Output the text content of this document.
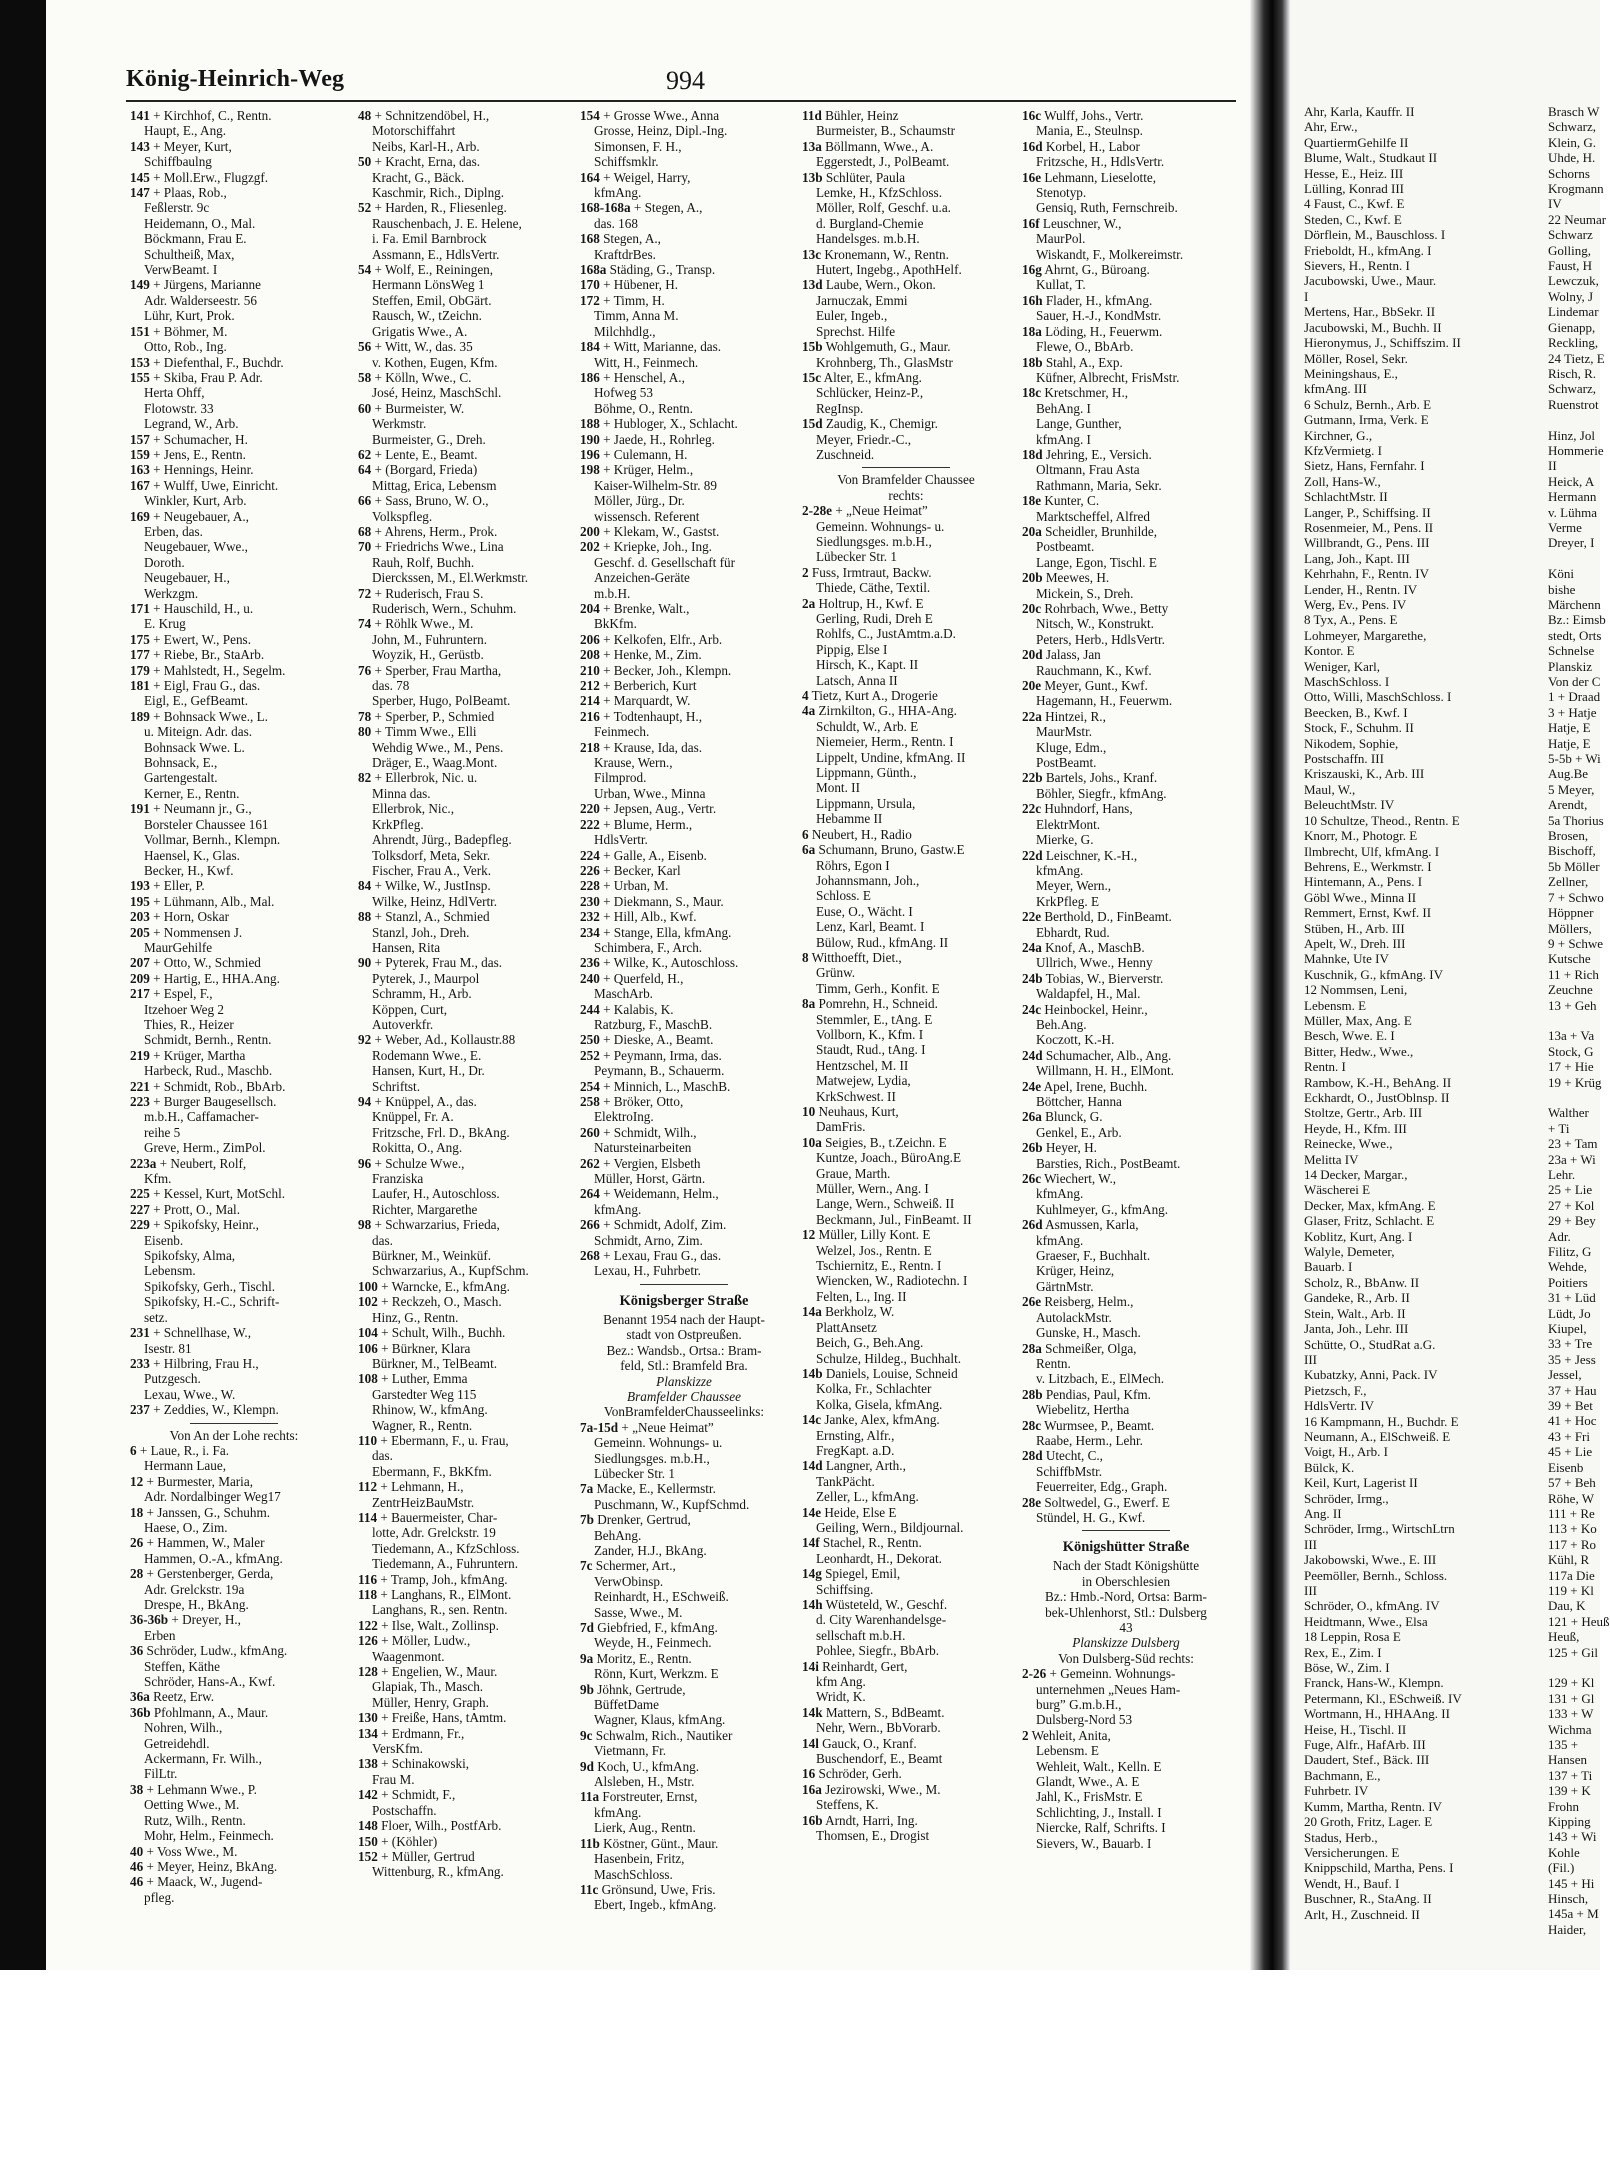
Ahr, Karla, Kauffr. II
Ahr, Erw.,
QuartiermGehilfe II
Blume, Walt., Studkaut II
Hesse, E., Heiz. III
Lülling, Konrad III
4 Faust, C., Kwf. E
Steden, C., Kwf. E
Dörflein, M., Bauschloss. I
Frieboldt, H., kfmAng. I
Sievers, H., Rentn. I
Jacubowski, Uwe., Maur.
I
Mertens, Har., BbSekr. II
Jacubowski, M., Buchh. II
Hieronymus, J., Schiffszim. II
Möller, Rosel, Sekr.
Meiningshaus, E.,
kfmAng. III
6 Schulz, Bernh., Arb. E
Gutmann, Irma, Verk. E
Kirchner, G.,
KfzVermietg. I
Sietz, Hans, Fernfahr. I
Zoll, Hans-W.,
SchlachtMstr. II
Langer, P., Schiffsing. II
Rosenmeier, M., Pens. II
Willbrandt, G., Pens. III
Lang, Joh., Kapt. III
Kehrhahn, F., Rentn. IV
Lender, H., Rentn. IV
Werg, Ev., Pens. IV
8 Tyx, A., Pens. E
Lohmeyer, Margarethe,
Kontor. E
Weniger, Karl,
MaschSchloss. I
Otto, Willi, MaschSchloss. I
Beecken, B., Kwf. I
Stock, F., Schuhm. II
Nikodem, Sophie,
Postschaffn. III
Kriszauski, K., Arb. III
Maul, W.,
BeleuchtMstr. IV
10 Schultze, Theod., Rentn. E
Knorr, M., Photogr. E
Ilmbrecht, Ulf, kfmAng. I
Behrens, E., Werkmstr. I
Hintemann, A., Pens. I
Göbl Wwe., Minna II
Remmert, Ernst, Kwf. II
Stüben, H., Arb. III
Apelt, W., Dreh. III
Mahnke, Ute IV
Kuschnik, G., kfmAng. IV
12 Nommsen, Leni,
Lebensm. E
Müller, Max, Ang. E
Besch, Wwe. E. I
Bitter, Hedw., Wwe.,
Rentn. I
Rambow, K.-H., BehAng. II
Eckhardt, O., JustOblnsp. II
Stoltze, Gertr., Arb. III
Heyde, H., Kfm. III
Reinecke, Wwe.,
Melitta IV
14 Decker, Margar.,
Wäscherei E
Decker, Max, kfmAng. E
Glaser, Fritz, Schlacht. E
Koblitz, Kurt, Ang. I
Walyle, Demeter,
Bauarb. I
Scholz, R., BbAnw. II
Gandeke, R., Arb. II
Stein, Walt., Arb. II
Janta, Joh., Lehr. III
Schütte, O., StudRat a.G.
III
Kubatzky, Anni, Pack. IV
Pietzsch, F.,
HdlsVertr. IV
16 Kampmann, H., Buchdr. E
Neumann, A., ElSchweiß. E
Voigt, H., Arb. I
Bülck, K.
Keil, Kurt, Lagerist II
Schröder, Irmg.,
Ang. II
Schröder, Irmg., WirtschLtrn
III
Jakobowski, Wwe., E. III
Peemöller, Bernh., Schloss.
III
Schröder, O., kfmAng. IV
Heidtmann, Wwe., Elsa
18 Leppin, Rosa E
Rex, E., Zim. I
Böse, W., Zim. I
Franck, Hans-W., Klempn.
Petermann, Kl., ESchweiß. IV
Wortmann, H., HHAAng. II
Heise, H., Tischl. II
Fuge, Alfr., HafArb. III
Daudert, Stef., Bäck. III
Bachmann, E.,
Fuhrbetr. IV
Kumm, Martha, Rentn. IV
20 Groth, Fritz, Lager. E
Stadus, Herb.,
Versicherungen. E
Knippschild, Martha, Pens. I
Wendt, H., Bauf. I
Buschner, R., StaAng. II
Arlt, H., Zuschneid. II
Brasch W
Schwarz,
Klein, G.
Uhde, H.
Schorns
Krogmann
IV
22 Neumar
Schwarz
Golling,
Faust, H
Lewczuk,
Wolny, J
Lindemar
Gienapp,
Reckling,
24 Tietz, E
Risch, R.
Schwarz,
Ruenstrot
Hinz, Jol
Hommerie
II
Heick, A
Hermann
v. Lühma
Verme
Dreyer, I
Köni
bishe
Märchenn
Bz.: Eimsb
stedt, Orts
Schnelse
Planskiz
Von der C
1 + Draad
3 + Hatje
Hatje, E
Hatje, E
5-5b + Wi
Aug.Be
5 Meyer,
Arendt,
5a Thorius
Brosen,
Bischoff,
5b Möller
Zellner,
7 + Schwo
Höppner
Möllers,
9 + Schwe
Kutsche
11 + Rich
Zeuchne
13 + Geh
13a + Va
Stock, G
17 + Hie
19 + Krüg
Walther
+ Ti
23 + Tam
23a + Wi
Lehr.
25 + Lie
27 + Kol
29 + Bey
Adr.
Filitz, G
Wehde,
Poitiers
31 + Lüd
Lüdt, Jo
Kiupel,
33 + Tre
35 + Jess
Jessel,
37 + Hau
39 + Bet
41 + Hoc
43 + Fri
45 + Lie
Eisenb
57 + Beh
Röhe, W
111 + Re
113 + Ko
117 + Ro
Kühl, R
117a Die
119 + Kl
Dau, K
121 + Heuß
Heuß,
125 + Gil
129 + Kl
131 + Gl
133 + W
Wichma
135 +
Hansen
137 + Ti
139 + K
Frohn
Kipping
143 + Wi
Kohle
(Fil.)
145 + Hi
Hinsch,
145a + M
Haider,
König-Heinrich-Weg	994
141 + Kirchhof, C., Rentn.
Haupt, E., Ang.
143 + Meyer, Kurt,
Schiffbaulng
145 + Moll.Erw., Flugzgf.
147 + Plaas, Rob.,
Feßlerstr. 9c
Heidemann, O., Mal.
Böckmann, Frau E.
Schultheiß, Max,
VerwBeamt. I
149 + Jürgens, Marianne
Adr. Walderseestr. 56
Lühr, Kurt, Prok.
151 + Böhmer, M.
Otto, Rob., Ing.
153 + Diefenthal, F., Buchdr.
155 + Skiba, Frau P. Adr.
Herta Ohff,
Flotowstr. 33
Legrand, W., Arb.
157 + Schumacher, H.
159 + Jens, E., Rentn.
163 + Hennings, Heinr.
167 + Wulff, Uwe, Einricht.
Winkler, Kurt, Arb.
169 + Neugebauer, A.,
Erben, das.
Neugebauer, Wwe.,
Doroth.
Neugebauer, H.,
Werkzgm.
171 + Hauschild, H., u.
E. Krug
175 + Ewert, W., Pens.
177 + Riebe, Br., StaArb.
179 + Mahlstedt, H., Segelm.
181 + Eigl, Frau G., das.
Eigl, E., GefBeamt.
189 + Bohnsack Wwe., L.
u. Miteign. Adr. das.
Bohnsack Wwe. L.
Bohnsack, E.,
Gartengestalt.
Kerner, E., Rentn.
191 + Neumann jr., G.,
Borsteler Chaussee 161
Vollmar, Bernh., Klempn.
Haensel, K., Glas.
Becker, H., Kwf.
193 + Eller, P.
195 + Lühmann, Alb., Mal.
203 + Horn, Oskar
205 + Nommensen J.
MaurGehilfe
207 + Otto, W., Schmied
209 + Hartig, E., HHA.Ang.
217 + Espel, F.,
Itzehoer Weg 2
Thies, R., Heizer
Schmidt, Bernh., Rentn.
219 + Krüger, Martha
Harbeck, Rud., Maschb.
221 + Schmidt, Rob., BbArb.
223 + Burger Baugesellsch.
m.b.H., Caffamacher-
reihe 5
Greve, Herm., ZimPol.
223a + Neubert, Rolf,
Kfm.
225 + Kessel, Kurt, MotSchl.
227 + Prott, O., Mal.
229 + Spikofsky, Heinr.,
Eisenb.
Spikofsky, Alma,
Lebensm.
Spikofsky, Gerh., Tischl.
Spikofsky, H.-C., Schrift-
setz.
231 + Schnellhase, W.,
Isestr. 81
233 + Hilbring, Frau H.,
Putzgesch.
Lexau, Wwe., W.
237 + Zeddies, W., Klempn.
Von An der Lohe rechts:
6 + Laue, R., i. Fa.
Hermann Laue,
12 + Burmester, Maria,
Adr. Nordalbinger Weg17
18 + Janssen, G., Schuhm.
Haese, O., Zim.
26 + Hammen, W., Maler
Hammen, O.-A., kfmAng.
28 + Gerstenberger, Gerda,
Adr. Grelckstr. 19a
Drespe, H., BkAng.
36-36b + Dreyer, H.,
Erben
36 Schröder, Ludw., kfmAng.
Steffen, Käthe
Schröder, Hans-A., Kwf.
36a Reetz, Erw.
36b Pfohlmann, A., Maur.
Nohren, Wilh.,
Getreidehdl.
Ackermann, Fr. Wilh.,
FilLtr.
38 + Lehmann Wwe., P.
Oetting Wwe., M.
Rutz, Wilh., Rentn.
Mohr, Helm., Feinmech.
40 + Voss Wwe., M.
46 + Meyer, Heinz, BkAng.
46 + Maack, W., Jugend-
pfleg.
48 + Schnitzendöbel, H.,
Motorschiffahrt
Neibs, Karl-H., Arb.
50 + Kracht, Erna, das.
Kracht, G., Bäck.
Kaschmir, Rich., Diplng.
52 + Harden, R., Fliesenleg.
Rauschenbach, J. E. Helene,
i. Fa. Emil Barnbrock
Assmann, E., HdlsVertr.
54 + Wolf, E., Reiningen,
Hermann LönsWeg 1
Steffen, Emil, ObGärt.
Rausch, W., tZeichn.
Grigatis Wwe., A.
56 + Witt, W., das. 35
v. Kothen, Eugen, Kfm.
58 + Kölln, Wwe., C.
José, Heinz, MaschSchl.
60 + Burmeister, W.
Werkmstr.
Burmeister, G., Dreh.
62 + Lente, E., Beamt.
64 + (Borgard, Frieda)
Mittag, Erica, Lebensm
66 + Sass, Bruno, W. O.,
Volkspfleg.
68 + Ahrens, Herm., Prok.
70 + Friedrichs Wwe., Lina
Rauh, Rolf, Buchh.
Dierckssen, M., El.Werkmstr.
72 + Ruderisch, Frau S.
Ruderisch, Wern., Schuhm.
74 + Röhlk Wwe., M.
John, M., Fuhruntern.
Woyzik, H., Gerüstb.
76 + Sperber, Frau Martha,
das. 78
Sperber, Hugo, PolBeamt.
78 + Sperber, P., Schmied
80 + Timm Wwe., Elli
Wehdig Wwe., M., Pens.
Dräger, E., Waag.Mont.
82 + Ellerbrok, Nic. u.
Minna das.
Ellerbrok, Nic.,
KrkPfleg.
Ahrendt, Jürg., Badepfleg.
Tolksdorf, Meta, Sekr.
Fischer, Frau A., Verk.
84 + Wilke, W., JustInsp.
Wilke, Heinz, HdlVertr.
88 + Stanzl, A., Schmied
Stanzl, Joh., Dreh.
Hansen, Rita
90 + Pyterek, Frau M., das.
Pyterek, J., Maurpol
Schramm, H., Arb.
Köppen, Curt,
Autoverkfr.
92 + Weber, Ad., Kollaustr.88
Rodemann Wwe., E.
Hansen, Kurt, H., Dr.
Schriftst.
94 + Knüppel, A., das.
Knüppel, Fr. A.
Fritzsche, Frl. D., BkAng.
Rokitta, O., Ang.
96 + Schulze Wwe.,
Franziska
Laufer, H., Autoschloss.
Richter, Margarethe
98 + Schwarzarius, Frieda,
das.
Bürkner, M., Weinküf.
Schwarzarius, A., KupfSchm.
100 + Warncke, E., kfmAng.
102 + Reckzeh, O., Masch.
Hinz, G., Rentn.
104 + Schult, Wilh., Buchh.
106 + Bürkner, Klara
Bürkner, M., TelBeamt.
108 + Luther, Emma
Garstedter Weg 115
Rhinow, W., kfmAng.
Wagner, R., Rentn.
110 + Ebermann, F., u. Frau,
das.
Ebermann, F., BkKfm.
112 + Lehmann, H.,
ZentrHeizBauMstr.
114 + Bauermeister, Char-
lotte, Adr. Grelckstr. 19
Tiedemann, A., KfzSchloss.
Tiedemann, A., Fuhruntern.
116 + Tramp, Joh., kfmAng.
118 + Langhans, R., ElMont.
Langhans, R., sen. Rentn.
122 + Ilse, Walt., Zollinsp.
126 + Möller, Ludw.,
Waagenmont.
128 + Engelien, W., Maur.
Glapiak, Th., Masch.
Müller, Henry, Graph.
130 + Freiße, Hans, tAmtm.
134 + Erdmann, Fr.,
VersKfm.
138 + Schinakowski,
Frau M.
142 + Schmidt, F.,
Postschaffn.
148 Floer, Wilh., PostfArb.
150 + (Köhler)
152 + Müller, Gertrud
Wittenburg, R., kfmAng.
154 + Grosse Wwe., Anna
Grosse, Heinz, Dipl.-Ing.
Simonsen, F. H.,
Schiffsmklr.
164 + Weigel, Harry,
kfmAng.
168-168a + Stegen, A.,
das. 168
168 Stegen, A.,
KraftdrBes.
168a Städing, G., Transp.
170 + Hübener, H.
172 + Timm, H.
Timm, Anna M.
Milchhdlg.,
184 + Witt, Marianne, das.
Witt, H., Feinmech.
186 + Henschel, A.,
Hofweg 53
Böhme, O., Rentn.
188 + Hubloger, X., Schlacht.
190 + Jaede, H., Rohrleg.
196 + Culemann, H.
198 + Krüger, Helm.,
Kaiser-Wilhelm-Str. 89
Möller, Jürg., Dr.
wissensch. Referent
200 + Klekam, W., Gastst.
202 + Kriepke, Joh., Ing.
Geschf. d. Gesellschaft für
Anzeichen-Geräte
m.b.H.
204 + Brenke, Walt.,
BkKfm.
206 + Kelkofen, Elfr., Arb.
208 + Henke, M., Zim.
210 + Becker, Joh., Klempn.
212 + Berberich, Kurt
214 + Marquardt, W.
216 + Todtenhaupt, H.,
Feinmech.
218 + Krause, Ida, das.
Krause, Wern.,
Filmprod.
Urban, Wwe., Minna
220 + Jepsen, Aug., Vertr.
222 + Blume, Herm.,
HdlsVertr.
224 + Galle, A., Eisenb.
226 + Becker, Karl
228 + Urban, M.
230 + Diekmann, S., Maur.
232 + Hill, Alb., Kwf.
234 + Stange, Ella, kfmAng.
Schimbera, F., Arch.
236 + Wilke, K., Autoschloss.
240 + Querfeld, H.,
MaschArb.
244 + Kalabis, K.
Ratzburg, F., MaschB.
250 + Dieske, A., Beamt.
252 + Peymann, Irma, das.
Peymann, B., Schauerm.
254 + Minnich, L., MaschB.
258 + Bröker, Otto,
ElektroIng.
260 + Schmidt, Wilh.,
Natursteinarbeiten
262 + Vergien, Elsbeth
Müller, Horst, Gärtn.
264 + Weidemann, Helm.,
kfmAng.
266 + Schmidt, Adolf, Zim.
Schmidt, Arno, Zim.
268 + Lexau, Frau G., das.
Lexau, H., Fuhrbetr.
Königsberger Straße
Benannt 1954 nach der Haupt-
stadt von Ostpreußen.
Bez.: Wandsb., Ortsa.: Bram-
feld, Stl.: Bramfeld Bra.
Planskizze
Bramfelder Chaussee
VonBramfelderChausseelinks:
7a-15d + „Neue Heimat”
Gemeinn. Wohnungs- u.
Siedlungsges. m.b.H.,
Lübecker Str. 1
7a Macke, E., Kellermstr.
Puschmann, W., KupfSchmd.
7b Drenker, Gertrud,
BehAng.
Zander, H.J., BkAng.
7c Schermer, Art.,
VerwObinsp.
Reinhardt, H., ESchweiß.
Sasse, Wwe., M.
7d Giebfried, F., kfmAng.
Weyde, H., Feinmech.
9a Moritz, E., Rentn.
Rönn, Kurt, Werkzm. E
9b Jöhnk, Gertrude,
BüffetDame
Wagner, Klaus, kfmAng.
9c Schwalm, Rich., Nautiker
Vietmann, Fr.
9d Koch, U., kfmAng.
Alsleben, H., Mstr.
11a Forstreuter, Ernst,
kfmAng.
Lierk, Aug., Rentn.
11b Köstner, Günt., Maur.
Hasenbein, Fritz,
MaschSchloss.
11c Grönsund, Uwe, Fris.
Ebert, Ingeb., kfmAng.
11d Bühler, Heinz
Burmeister, B., Schaumstr
13a Böllmann, Wwe., A.
Eggerstedt, J., PolBeamt.
13b Schlüter, Paula
Lemke, H., KfzSchloss.
Möller, Rolf, Geschf. u.a.
d. Burgland-Chemie
Handelsges. m.b.H.
13c Kronemann, W., Rentn.
Hutert, Ingebg., ApothHelf.
13d Laube, Wern., Okon.
Jarnuczak, Emmi
Euler, Ingeb.,
Sprechst. Hilfe
15b Wohlgemuth, G., Maur.
Krohnberg, Th., GlasMstr
15c Alter, E., kfmAng.
Schlücker, Heinz-P.,
RegInsp.
15d Zaudig, K., Chemigr.
Meyer, Friedr.-C.,
Zuschneid.
Von Bramfelder Chaussee
rechts:
2-28e + „Neue Heimat”
Gemeinn. Wohnungs- u.
Siedlungsges. m.b.H.,
Lübecker Str. 1
2 Fuss, Irmtraut, Backw.
Thiede, Cäthe, Textil.
2a Holtrup, H., Kwf. E
Gerling, Rudi, Dreh E
Rohlfs, C., JustAmtm.a.D.
Pippig, Else I
Hirsch, K., Kapt. II
Latsch, Anna II
4 Tietz, Kurt A., Drogerie
4a Zirnkilton, G., HHA-Ang.
Schuldt, W., Arb. E
Niemeier, Herm., Rentn. I
Lippelt, Undine, kfmAng. II
Lippmann, Günth.,
Mont. II
Lippmann, Ursula,
Hebamme II
6 Neubert, H., Radio
6a Schumann, Bruno, Gastw.E
Röhrs, Egon I
Johannsmann, Joh.,
Schloss. E
Euse, O., Wächt. I
Lenz, Karl, Beamt. I
Bülow, Rud., kfmAng. II
8 Witthoefft, Diet.,
Grünw.
Timm, Gerh., Konfit. E
8a Pomrehn, H., Schneid.
Stemmler, E., tAng. E
Vollborn, K., Kfm. I
Staudt, Rud., tAng. I
Hentzschel, M. II
Matwejew, Lydia,
KrkSchwest. II
10 Neuhaus, Kurt,
DamFris.
10a Seigies, B., t.Zeichn. E
Kuntze, Joach., BüroAng.E
Graue, Marth.
Müller, Wern., Ang. I
Lange, Wern., Schweiß. II
Beckmann, Jul., FinBeamt. II
12 Müller, Lilly Kont. E
Welzel, Jos., Rentn. E
Tschiernitz, E., Rentn. I
Wiencken, W., Radiotechn. I
Felten, L., Ing. II
14a Berkholz, W.
PlattAnsetz
Beich, G., Beh.Ang.
Schulze, Hildeg., Buchhalt.
14b Daniels, Louise, Schneid
Kolka, Fr., Schlachter
Kolka, Gisela, kfmAng.
14c Janke, Alex, kfmAng.
Ernsting, Alfr.,
FregKapt. a.D.
14d Langner, Arth.,
TankPächt.
Zeller, L., kfmAng.
14e Heide, Else E
Geiling, Wern., Bildjournal.
14f Stachel, R., Rentn.
Leonhardt, H., Dekorat.
14g Spiegel, Emil,
Schiffsing.
14h Wüsteteld, W., Geschf.
d. City Warenhandelsge-
sellschaft m.b.H.
Pohlee, Siegfr., BbArb.
14i Reinhardt, Gert,
kfm Ang.
Wridt, K.
14k Mattern, S., BdBeamt.
Nehr, Wern., BbVorarb.
14l Gauck, O., Kranf.
Buschendorf, E., Beamt
16 Schröder, Gerh.
16a Jezirowski, Wwe., M.
Steffens, K.
16b Arndt, Harri, Ing.
Thomsen, E., Drogist
16c Wulff, Johs., Vertr.
Mania, E., Steulnsp.
16d Korbel, H., Labor
Fritzsche, H., HdlsVertr.
16e Lehmann, Lieselotte,
Stenotyp.
Gensiq, Ruth, Fernschreib.
16f Leuschner, W.,
MaurPol.
Wiskandt, F., Molkereimstr.
16g Ahrnt, G., Büroang.
Kullat, T.
16h Flader, H., kfmAng.
Sauer, H.-J., KondMstr.
18a Löding, H., Feuerwm.
Flewe, O., BbArb.
18b Stahl, A., Exp.
Küfner, Albrecht, FrisMstr.
18c Kretschmer, H.,
BehAng. I
Lange, Gunther,
kfmAng. I
18d Jehring, E., Versich.
Oltmann, Frau Asta
Rathmann, Maria, Sekr.
18e Kunter, C.
Marktscheffel, Alfred
20a Scheidler, Brunhilde,
Postbeamt.
Lange, Egon, Tischl. E
20b Meewes, H.
Mickein, S., Dreh.
20c Rohrbach, Wwe., Betty
Nitsch, W., Konstrukt.
Peters, Herb., HdlsVertr.
20d Jalass, Jan
Rauchmann, K., Kwf.
20e Meyer, Gunt., Kwf.
Hagemann, H., Feuerwm.
22a Hintzei, R.,
MaurMstr.
Kluge, Edm.,
PostBeamt.
22b Bartels, Johs., Kranf.
Böhler, Siegfr., kfmAng.
22c Huhndorf, Hans,
ElektrMont.
Mierke, G.
22d Leischner, K.-H.,
kfmAng.
Meyer, Wern.,
KrkPfleg. E
22e Berthold, D., FinBeamt.
Ebhardt, Rud.
24a Knof, A., MaschB.
Ullrich, Wwe., Henny
24b Tobias, W., Bierverstr.
Waldapfel, H., Mal.
24c Heinbockel, Heinr.,
Beh.Ang.
Koczott, K.-H.
24d Schumacher, Alb., Ang.
Willmann, H. H., ElMont.
24e Apel, Irene, Buchh.
Böttcher, Hanna
26a Blunck, G.
Genkel, E., Arb.
26b Heyer, H.
Barsties, Rich., PostBeamt.
26c Wiechert, W.,
kfmAng.
Kuhlmeyer, G., kfmAng.
26d Asmussen, Karla,
kfmAng.
Graeser, F., Buchhalt.
Krüger, Heinz,
GärtnMstr.
26e Reisberg, Helm.,
AutolackMstr.
Gunske, H., Masch.
28a Schmeißer, Olga,
Rentn.
v. Litzbach, E., ElMech.
28b Pendias, Paul, Kfm.
Wiebelitz, Hertha
28c Wurmsee, P., Beamt.
Raabe, Herm., Lehr.
28d Utecht, C.,
SchiffbMstr.
Feuerreiter, Edg., Graph.
28e Soltwedel, G., Ewerf. E
Stündel, H. G., Kwf.
Königshütter Straße
Nach der Stadt Königshütte
in Oberschlesien
Bz.: Hmb.-Nord, Ortsa: Barm-
bek-Uhlenhorst, Stl.: Dulsberg
43
Planskizze Dulsberg
Von Dulsberg-Süd rechts:
2-26 + Gemeinn. Wohnungs-
unternehmen „Neues Ham-
burg” G.m.b.H.,
Dulsberg-Nord 53
2 Wehleit, Anita,
Lebensm. E
Wehleit, Walt., Kelln. E
Glandt, Wwe., A. E
Jahl, K., FrisMstr. E
Schlichting, J., Install. I
Niercke, Ralf, Schrifts. I
Sievers, W., Bauarb. I
